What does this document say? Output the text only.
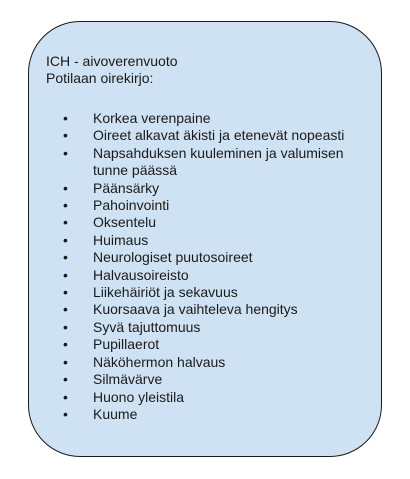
ICH - aivoverenvuoto
Potilaan oirekirjo:
• Korkea verenpaine
• Oireet alkavat äkisti ja etenevät nopeasti
• Napsahduksen kuuleminen ja valumisen tunne päässä
• Päänsärky
• Pahoinvointi
• Oksentelu
• Huimaus
• Neurologiset puutosoireet
• Halvausoireisto
• Liikehäiriöt ja sekavuus
• Kuorsaava ja vaihteleva hengitys
• Syvä tajuttomuus
• Pupillaerot
• Näköhermon halvaus
• Silmävärve
• Huono yleistila
• Kuume
